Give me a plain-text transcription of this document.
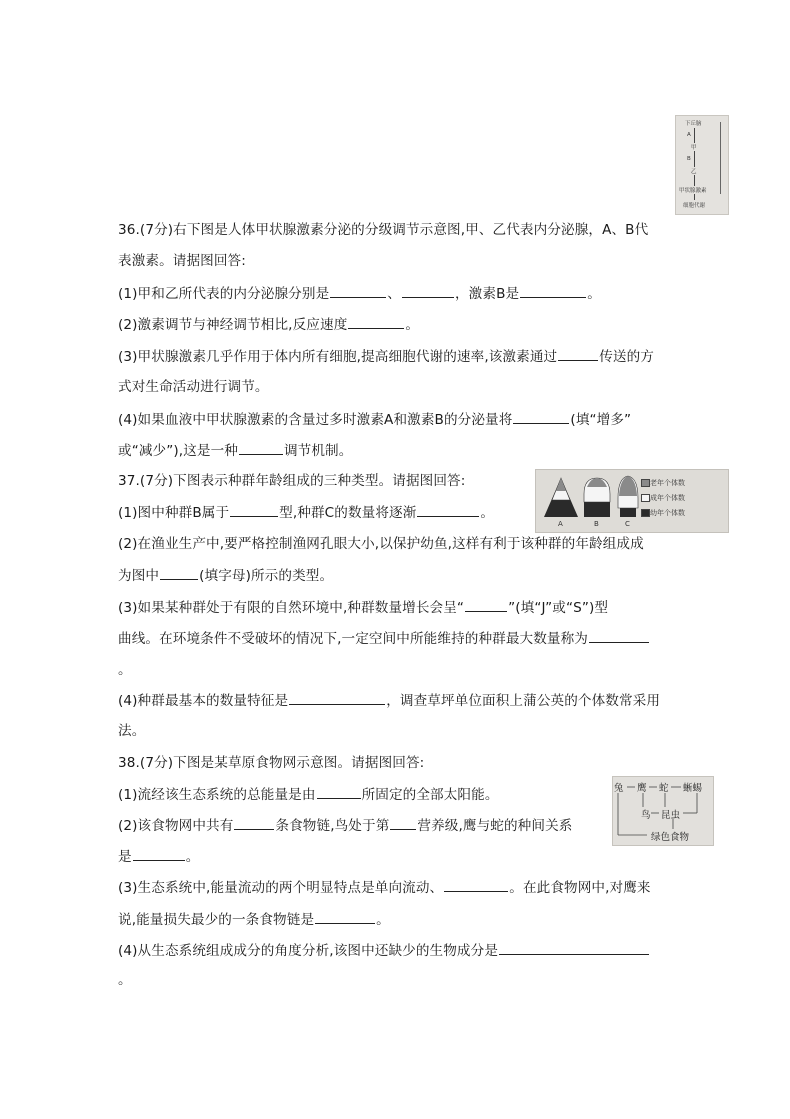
下丘脑
A
甲
B
乙
甲状腺激素
细胞代谢
36.(7分)右下图是人体甲状腺激素分泌的分级调节示意图,甲、乙代表内分泌腺，A、B代
表激素。请据图回答:
(1)甲和乙所代表的内分泌腺分别是	、	，激素B是	。
(2)激素调节与神经调节相比,反应速度	。
(3)甲状腺激素几乎作用于体内所有细胞,提高细胞代谢的速率,该激素通过	传送的方
式对生命活动进行调节。
(4)如果血液中甲状腺激素的含量过多时激素A和激素B的分泌量将	(填“增多”
或“减少”),这是一种	调节机制。
A	B	C
老年个体数
成年个体数
幼年个体数
37.(7分)下图表示种群年龄组成的三种类型。请据图回答:
(1)图中种群B属于	型,种群C的数量将逐渐	。
(2)在渔业生产中,要严格控制渔网孔眼大小,以保护幼鱼,这样有利于该种群的年龄组成成
为图中	(填字母)所示的类型。
(3)如果某种群处于有限的自然环境中,种群数量增长会呈“	”(填“J”或“S”)型
曲线。在环境条件不受破坏的情况下,一定空间中所能维持的种群最大数量称为
。
(4)种群最基本的数量特征是	，调查草坪单位面积上蒲公英的个体数常采用
法。
兔 鹰 蛇 蜥蜴
鸟 昆虫
绿色食物
38.(7分)下图是某草原食物网示意图。请据图回答:
(1)流经该生态系统的总能量是由	所固定的全部太阳能。
(2)该食物网中共有	条食物链,鸟处于第 营养级,鹰与蛇的种间关系
是	。
(3)生态系统中,能量流动的两个明显特点是单向流动、	。在此食物网中,对鹰来
说,能量损失最少的一条食物链是	。
(4)从生态系统组成成分的角度分析,该图中还缺少的生物成分是
。
